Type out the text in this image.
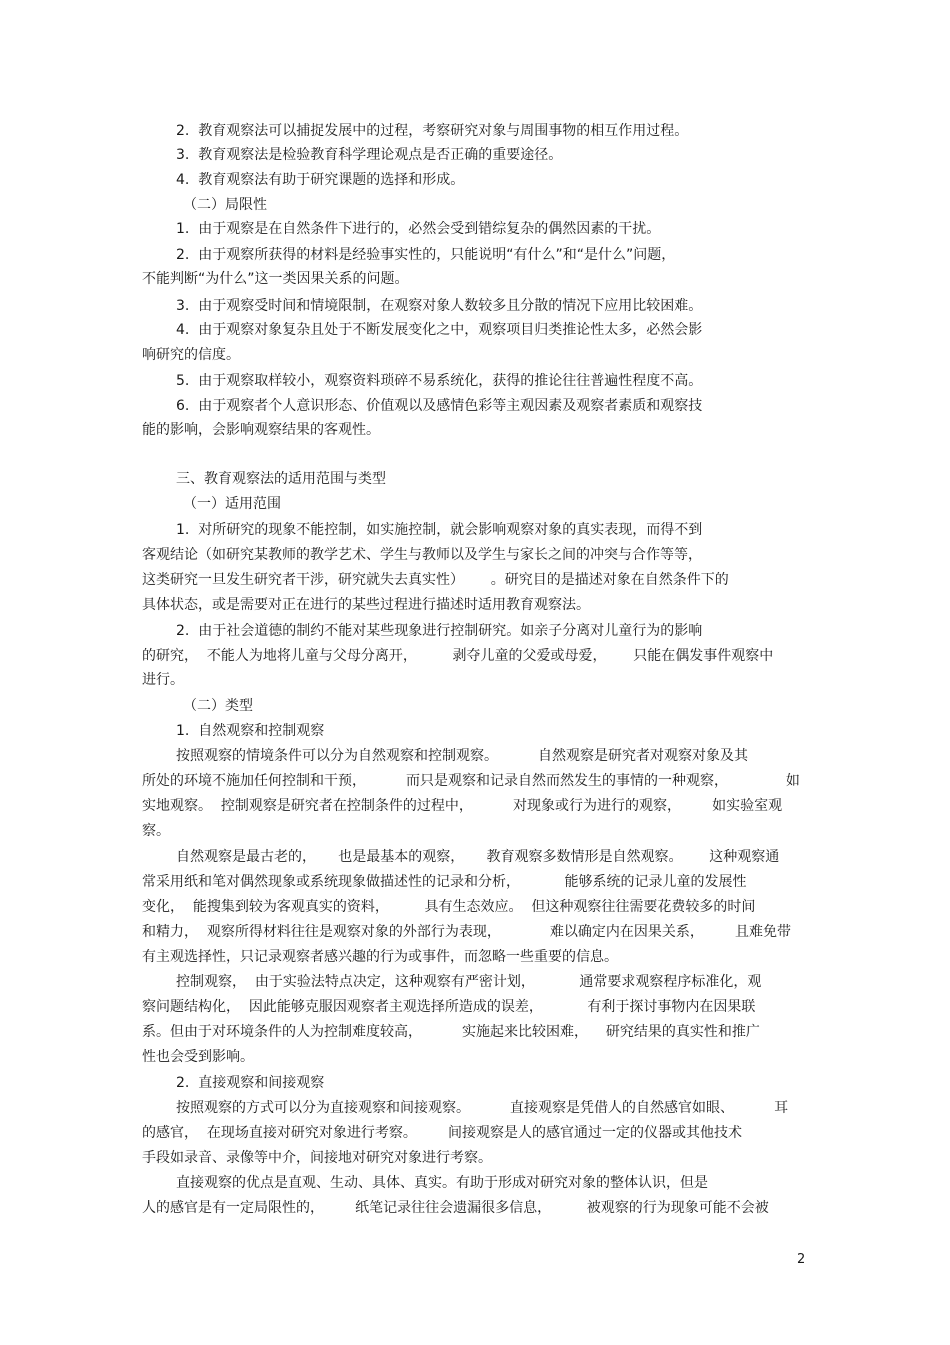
2.  教育观察法可以捕捉发展中的过程，考察研究对象与周围事物的相互作用过程。
3.  教育观察法是检验教育科学理论观点是否正确的重要途径。
4.  教育观察法有助于研究课题的选择和形成。
（二）局限性
1.  由于观察是在自然条件下进行的，必然会受到错综复杂的偶然因素的干扰。
2.  由于观察所获得的材料是经验事实性的，只能说明“有什么”和“是什么”问题，
不能判断“为什么”这一类因果关系的问题。
3.  由于观察受时间和情境限制，在观察对象人数较多且分散的情况下应用比较困难。
4.  由于观察对象复杂且处于不断发展变化之中，观察项目归类推论性太多，必然会影
响研究的信度。
5.  由于观察取样较小，观察资料琐碎不易系统化，获得的推论往往普遍性程度不高。
6.  由于观察者个人意识形态、价值观以及感情色彩等主观因素及观察者素质和观察技
能的影响，会影响观察结果的客观性。
三、教育观察法的适用范围与类型
（一）适用范围
1.  对所研究的现象不能控制，如实施控制，就会影响观察对象的真实表现，而得不到
客观结论（如研究某教师的教学艺术、学生与教师以及学生与家长之间的冲突与合作等等，
这类研究一旦发生研究者干涉，研究就失去真实性）      。研究目的是描述对象在自然条件下的
具体状态，或是需要对正在进行的某些过程进行描述时适用教育观察法。
2.  由于社会道德的制约不能对某些现象进行控制研究。如亲子分离对儿童行为的影响
的研究，  不能人为地将儿童与父母分离开，        剥夺儿童的父爱或母爱，      只能在偶发事件观察中
进行。
（二）类型
1.  自然观察和控制观察
按照观察的情境条件可以分为自然观察和控制观察。         自然观察是研究者对观察对象及其
所处的环境不施加任何控制和干预，         而只是观察和记录自然而然发生的事情的一种观察，             如
实地观察。  控制观察是研究者在控制条件的过程中，         对现象或行为进行的观察，       如实验室观
察。
自然观察是最古老的，     也是最基本的观察，     教育观察多数情形是自然观察。      这种观察通
常采用纸和笔对偶然现象或系统现象做描述性的记录和分析，          能够系统的记录儿童的发展性
变化，  能搜集到较为客观真实的资料，        具有生态效应。  但这种观察往往需要花费较多的时间
和精力，  观察所得材料往往是观察对象的外部行为表现，           难以确定内在因果关系，       且难免带
有主观选择性，只记录观察者感兴趣的行为或事件，而忽略一些重要的信息。
控制观察，  由于实验法特点决定，这种观察有严密计划，          通常要求观察程序标准化，观
察问题结构化，  因此能够克服因观察者主观选择所造成的误差，          有利于探讨事物内在因果联
系。但由于对环境条件的人为控制难度较高，         实施起来比较困难，    研究结果的真实性和推广
性也会受到影响。
2.  直接观察和间接观察
按照观察的方式可以分为直接观察和间接观察。         直接观察是凭借人的自然感官如眼、         耳
的感官，  在现场直接对研究对象进行考察。       间接观察是人的感官通过一定的仪器或其他技术
手段如录音、录像等中介，间接地对研究对象进行考察。
直接观察的优点是直观、生动、具体、真实。有助于形成对研究对象的整体认识，但是
人的感官是有一定局限性的，       纸笔记录往往会遗漏很多信息，        被观察的行为现象可能不会被
2
